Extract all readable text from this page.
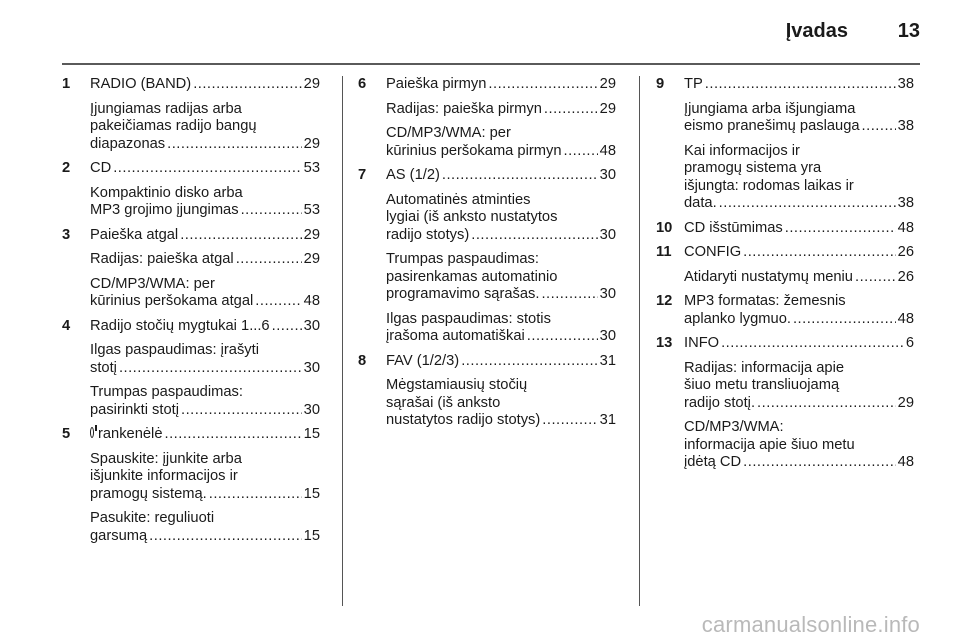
Įvadas 13
1 RADIO (BAND) .....	29
Įjungiamas radijas arba
pakeičiamas radijo bangų
diapazonas .....	29
2 CD .....	53
Kompaktinio disko arba
MP3 grojimo įjungimas .....	53
3 Paieška atgal .....	29
Radijas: paieška atgal .....	29
CD/MP3/WMA: per
kūrinius peršokama atgal .....	48
4 Radijo stočių mygtukai 1...6 ..... 30
Ilgas paspaudimas: įrašyti
stotį .....	30
Trumpas paspaudimas:
pasirinkti stotį .....	30
5 rankenėlė .....	15
Spauskite: įjunkite arba
išjunkite informacijos ir
pramogų sistemą. .....	15
Pasukite: reguliuoti
garsumą .....	15
6 Paieška pirmyn .....	29
Radijas: paieška pirmyn .....	29
CD/MP3/WMA: per
kūrinius peršokama pirmyn .....	48
7 AS (1/2) .....	30
Automatinės atminties
lygiai (iš anksto nustatytos
radijo stotys) .....	30
Trumpas paspaudimas:
pasirenkamas automatinio
programavimo sąrašas. .....	30
Ilgas paspaudimas: stotis
įrašoma automatiškai .....	30
8 FAV (1/2/3) .....	31
Mėgstamiausių stočių
sąrašai (iš anksto
nustatytos radijo stotys) .....	31
9 TP .....	38
Įjungiama arba išjungiama
eismo pranešimų paslauga .....	38
Kai informacijos ir
pramogų sistema yra
išjungta: rodomas laikas ir
data. .....	38
10 CD išstūmimas .....	48
11 CONFIG .....	26
Atidaryti nustatymų meniu .....	26
12 MP3 formatas: žemesnis
aplanko lygmuo. .....	48
13 INFO .....	6
Radijas: informacija apie
šiuo metu transliuojamą
radijo stotį. .....	29
CD/MP3/WMA:
informacija apie šiuo metu
įdėtą CD .....	48
carmanualsonline.info
